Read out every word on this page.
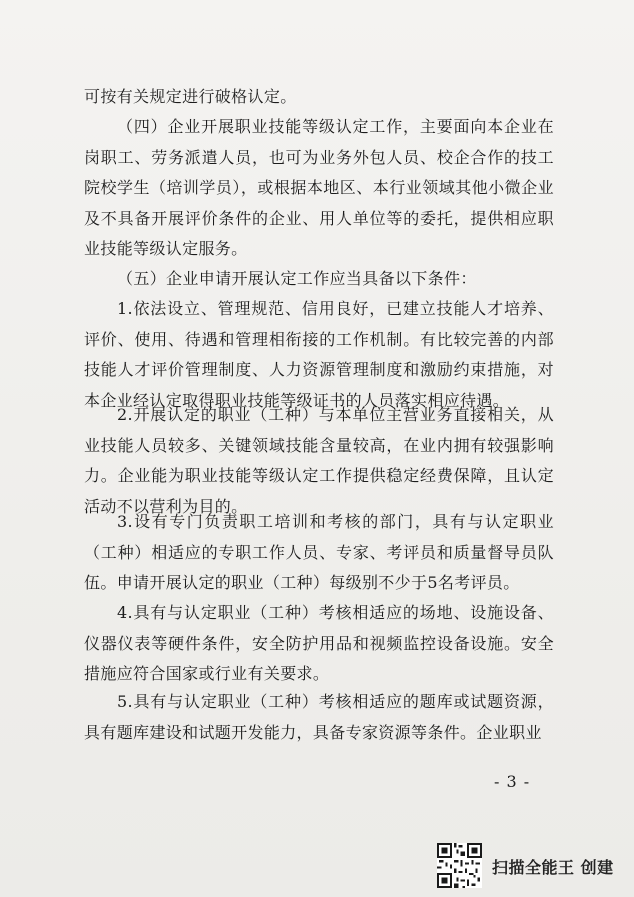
可按有关规定进行破格认定。

（四）企业开展职业技能等级认定工作，主要面向本企业在岗职工、劳务派遣人员，也可为业务外包人员、校企合作的技工院校学生（培训学员），或根据本地区、本行业领域其他小微企业及不具备开展评价条件的企业、用人单位等的委托，提供相应职业技能等级认定服务。

（五）企业申请开展认定工作应当具备以下条件：

1.依法设立、管理规范、信用良好，已建立技能人才培养、评价、使用、待遇和管理相衔接的工作机制。有比较完善的内部技能人才评价管理制度、人力资源管理制度和激励约束措施，对本企业经认定取得职业技能等级证书的人员落实相应待遇。

2.开展认定的职业（工种）与本单位主营业务直接相关，从业技能人员较多、关键领域技能含量较高，在业内拥有较强影响力。企业能为职业技能等级认定工作提供稳定经费保障，且认定活动不以营利为目的。

3.设有专门负责职工培训和考核的部门，具有与认定职业（工种）相适应的专职工作人员、专家、考评员和质量督导员队伍。申请开展认定的职业（工种）每级别不少于5名考评员。

4.具有与认定职业（工种）考核相适应的场地、设施设备、仪器仪表等硬件条件，安全防护用品和视频监控设备设施。安全措施应符合国家或行业有关要求。

5.具有与认定职业（工种）考核相适应的题库或试题资源，具有题库建设和试题开发能力，具备专家资源等条件。企业职业

- 3 -
扫描全能王 创建
